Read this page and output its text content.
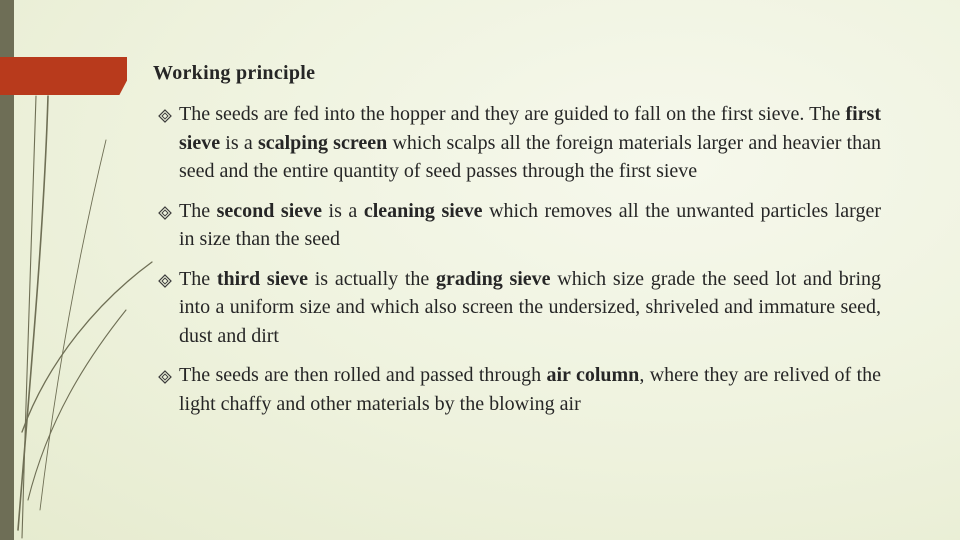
Working principle
The seeds are fed into the hopper and they are guided to fall on the first sieve. The first sieve is a scalping screen which scalps all the foreign materials larger and heavier than seed and the entire quantity of seed passes through the first sieve
The second sieve is a cleaning sieve which removes all the unwanted particles larger in size than the seed
The third sieve is actually the grading sieve which size grade the seed lot and bring into a uniform size and which also screen the undersized, shriveled and immature seed, dust and dirt
The seeds are then rolled and passed through air column, where they are relived of the light chaffy and other materials by the blowing air
